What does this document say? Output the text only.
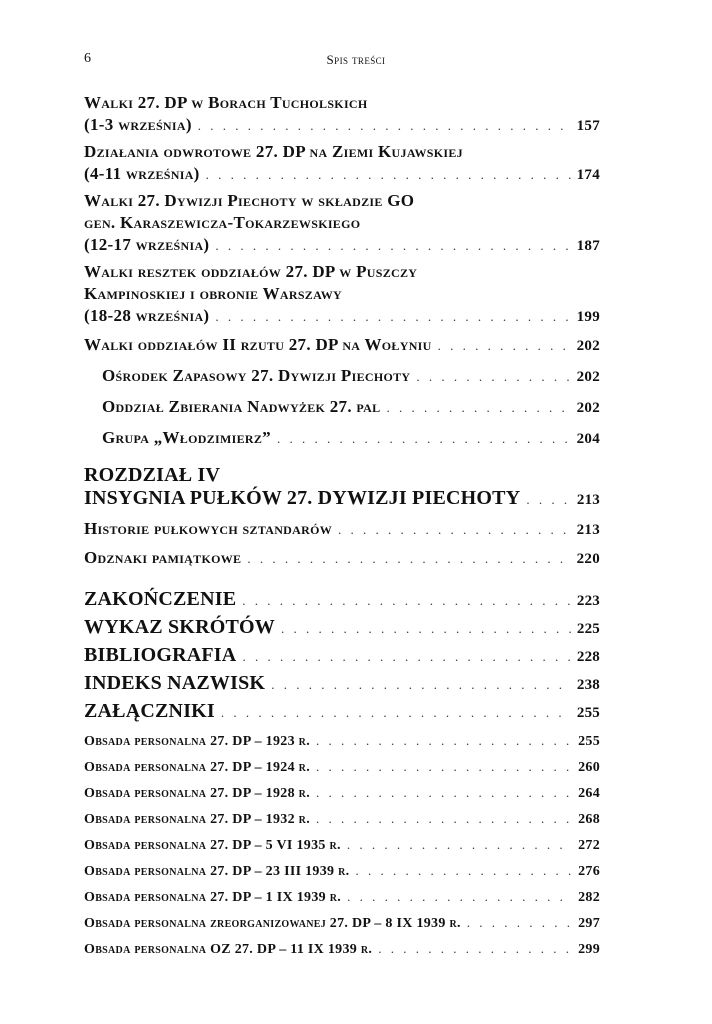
6	Spis treści
Walki 27. DP w Borach Tucholskich
(1-3 września) . . .	157
Działania odwrotowe 27. DP na Ziemi Kujawskiej
(4-11 września) . . .	174
Walki 27. Dywizji Piechoty w składzie GO
gen. Karaszewicza-Tokarzewskiego
(12-17 września) . . .	187
Walki resztek oddziałów 27. DP w Puszczy
Kampinoskiej i obronie Warszawy
(18-28 września) . . .	199
Walki oddziałów II rzutu 27. DP na Wołyniu . . .	202
Ośrodek Zapasowy 27. Dywizji Piechoty . . .	202
Oddział Zbierania Nadwyżek 27. pal . . .	202
Grupa „Włodzimierz” . . .	204
ROZDZIAŁ IV
INSYGNIA PUŁKÓW 27. DYWIZJI PIECHOTY . . .	213
Historie pułkowych sztandarów . . .	213
Odznaki pamiątkowe . . .	220
ZAKOŃCZENIE . . .	223
WYKAZ SKRÓTÓW . . .	225
BIBLIOGRAFIA . . .	228
INDEKS NAZWISK . . .	238
ZAŁĄCZNIKI . . .	255
Obsada personalna 27. DP – 1923 r. . . .	255
Obsada personalna 27. DP – 1924 r. . . .	260
Obsada personalna 27. DP – 1928 r. . . .	264
Obsada personalna 27. DP – 1932 r. . . .	268
Obsada personalna 27. DP – 5 VI 1935 r. . . .	272
Obsada personalna 27. DP – 23 III 1939 r. . . .	276
Obsada personalna 27. DP – 1 IX 1939 r. . . .	282
Obsada personalna zreorganizowanej 27. DP – 8 IX 1939 r. . . .	297
Obsada personalna OZ 27. DP – 11 IX 1939 r. . . .	299
